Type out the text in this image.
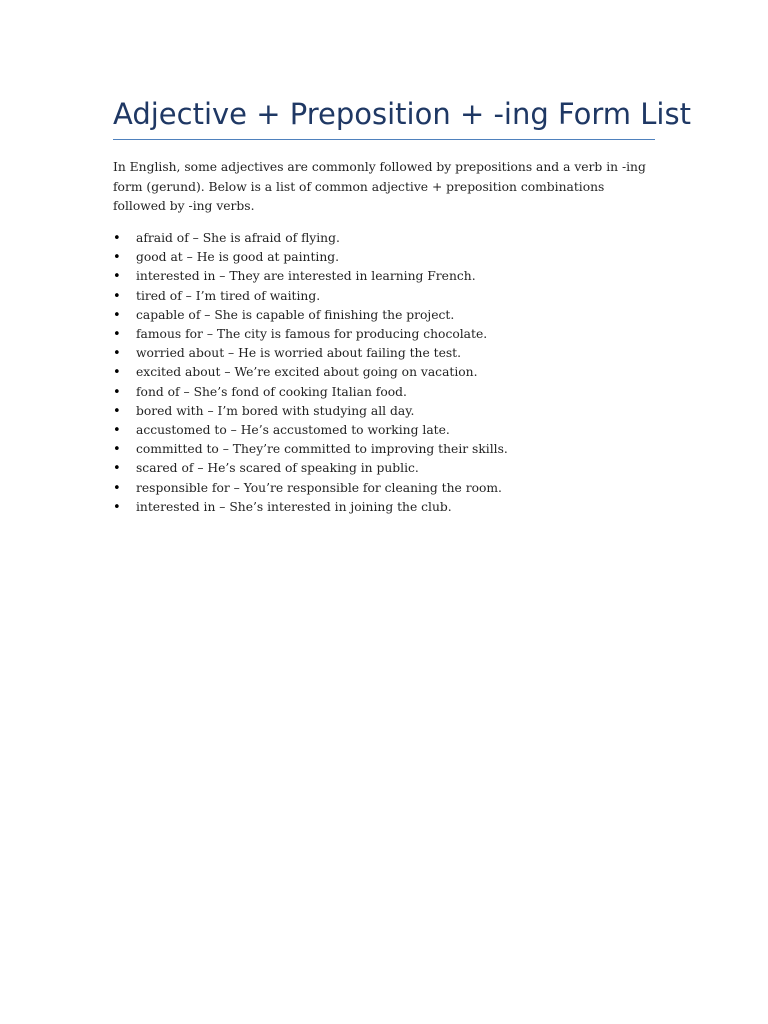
Adjective + Preposition + -ing Form List

In English, some adjectives are commonly followed by prepositions and a verb in -ing form (gerund). Below is a list of common adjective + preposition combinations followed by -ing verbs.

• afraid of – She is afraid of flying.
• good at – He is good at painting.
• interested in – They are interested in learning French.
• tired of – I’m tired of waiting.
• capable of – She is capable of finishing the project.
• famous for – The city is famous for producing chocolate.
• worried about – He is worried about failing the test.
• excited about – We’re excited about going on vacation.
• fond of – She’s fond of cooking Italian food.
• bored with – I’m bored with studying all day.
• accustomed to – He’s accustomed to working late.
• committed to – They’re committed to improving their skills.
• scared of – He’s scared of speaking in public.
• responsible for – You’re responsible for cleaning the room.
• interested in – She’s interested in joining the club.
